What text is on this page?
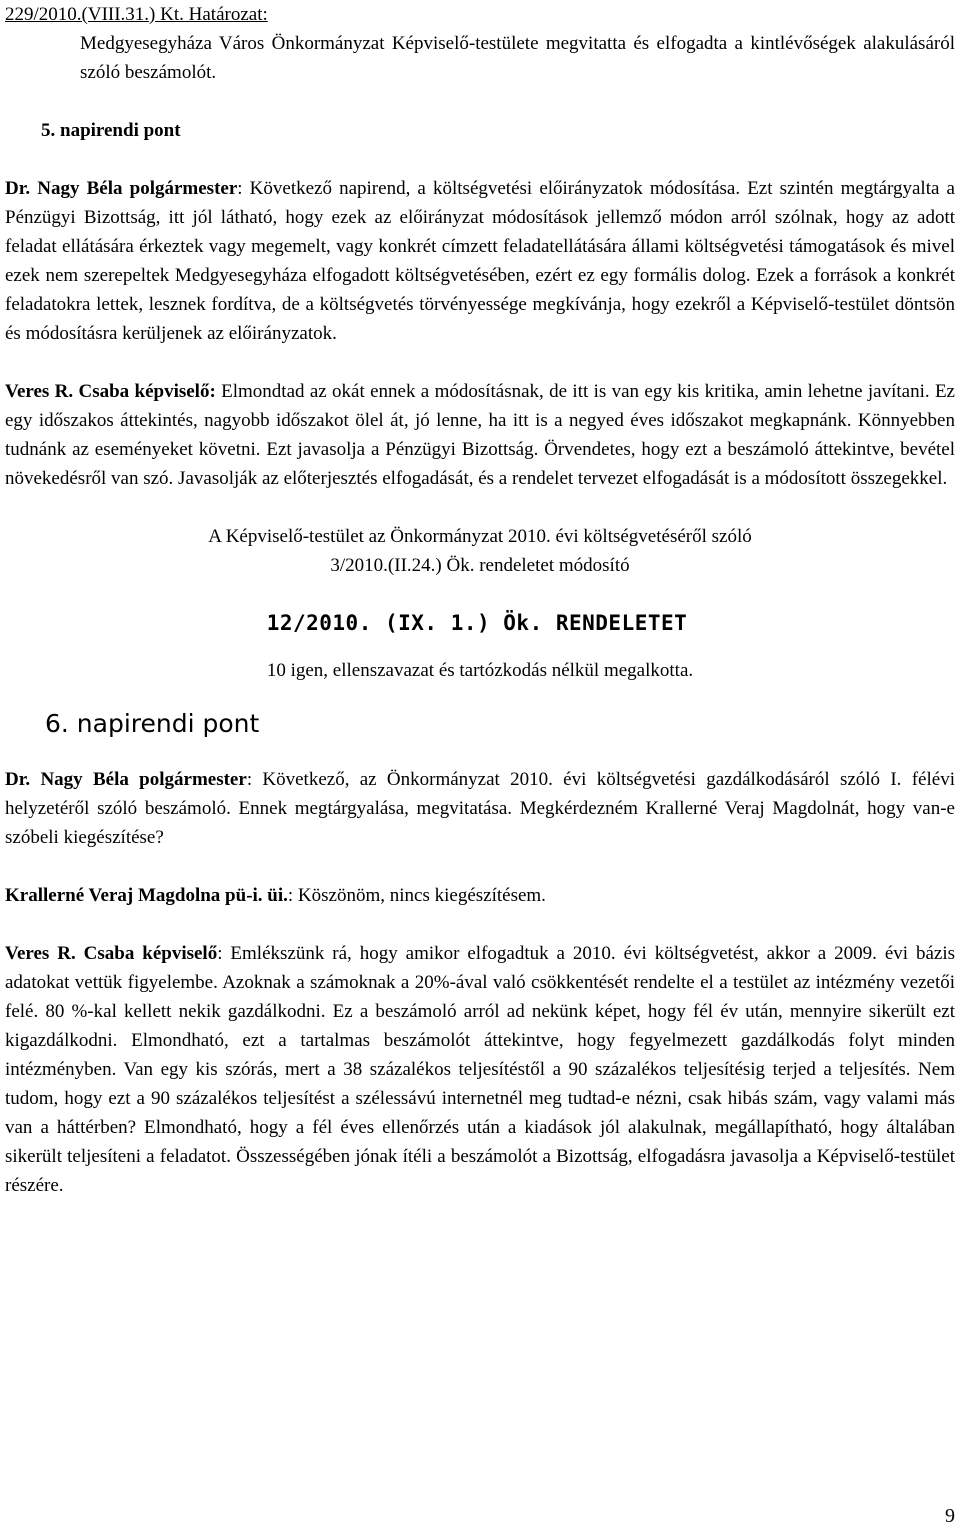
229/2010.(VIII.31.) Kt. Határozat:
Medgyesegyháza Város Önkormányzat Képviselő-testülete megvitatta és elfogadta a kintlévőségek alakulásáról szóló beszámolót.
5. napirendi pont
Dr. Nagy Béla polgármester: Következő napirend, a költségvetési előirányzatok módosítása. Ezt szintén megtárgyalta a Pénzügyi Bizottság, itt jól látható, hogy ezek az előirányzat módosítások jellemző módon arról szólnak, hogy az adott feladat ellátására érkeztek vagy megemelt, vagy konkrét címzett feladatellátására állami költségvetési támogatások és mivel ezek nem szerepeltek Medgyesegyháza elfogadott költségvetésében, ezért ez egy formális dolog. Ezek a források a konkrét feladatokra lettek, lesznek fordítva, de a költségvetés törvényessége megkívánja, hogy ezekről a Képviselő-testület döntsön és módosításra kerüljenek az előirányzatok.
Veres R. Csaba képviselő: Elmondtad az okát ennek a módosításnak, de itt is van egy kis kritika, amin lehetne javítani. Ez egy időszakos áttekintés, nagyobb időszakot ölel át, jó lenne, ha itt is a negyed éves időszakot megkapnánk. Könnyebben tudnánk az eseményeket követni. Ezt javasolja a Pénzügyi Bizottság. Örvendetes, hogy ezt a beszámoló áttekintve, bevétel növekedésről van szó. Javasolják az előterjesztés elfogadását, és a rendelet tervezet elfogadását is a módosított összegekkel.
A Képviselő-testület az Önkormányzat 2010. évi költségvetéséről szóló
3/2010.(II.24.) Ök. rendeletet módosító
12/2010. (IX. 1.) Ök. RENDELETET
10 igen, ellenszavazat és tartózkodás nélkül megalkotta.
6. napirendi pont
Dr. Nagy Béla polgármester: Következő, az Önkormányzat 2010. évi költségvetési gazdálkodásáról szóló I. félévi helyzetéről szóló beszámoló. Ennek megtárgyalása, megvitatása. Megkérdezném Krallerné Veraj Magdolnát, hogy van-e szóbeli kiegészítése?
Krallerné Veraj Magdolna pü-i. üi.: Köszönöm, nincs kiegészítésem.
Veres R. Csaba képviselő: Emlékszünk rá, hogy amikor elfogadtuk a 2010. évi költségvetést, akkor a 2009. évi bázis adatokat vettük figyelembe. Azoknak a számoknak a 20%-ával való csökkentését rendelte el a testület az intézmény vezetői felé. 80 %-kal kellett nekik gazdálkodni. Ez a beszámoló arról ad nekünk képet, hogy fél év után, mennyire sikerült ezt kigazdálkodni. Elmondható, ezt a tartalmas beszámolót áttekintve, hogy fegyelmezett gazdálkodás folyt minden intézményben. Van egy kis szórás, mert a 38 százalékos teljesítéstől a 90 százalékos teljesítésig terjed a teljesítés. Nem tudom, hogy ezt a 90 százalékos teljesítést a szélessávú internetnél meg tudtad-e nézni, csak hibás szám, vagy valami más van a háttérben? Elmondható, hogy a fél éves ellenőrzés után a kiadások jól alakulnak, megállapítható, hogy általában sikerült teljesíteni a feladatot. Összességében jónak ítéli a beszámolót a Bizottság, elfogadásra javasolja a Képviselő-testület részére.
9
